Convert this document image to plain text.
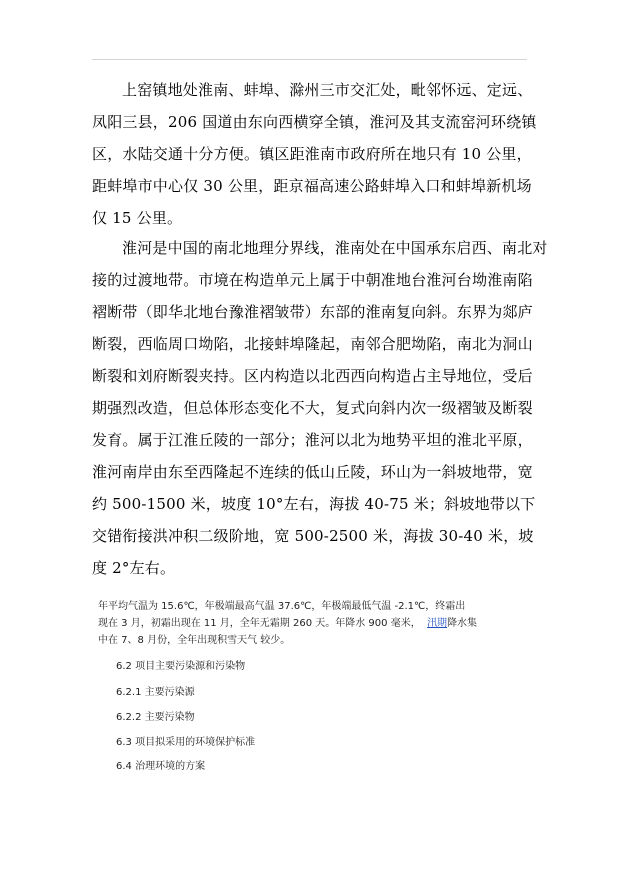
上窑镇地处淮南、蚌埠、滁州三市交汇处，毗邻怀远、定远、
凤阳三县，206 国道由东向西横穿全镇，淮河及其支流窑河环绕镇
区，水陆交通十分方便。镇区距淮南市政府所在地只有 10 公里，
距蚌埠市中心仅 30 公里，距京福高速公路蚌埠入口和蚌埠新机场
仅 15 公里。

淮河是中国的南北地理分界线，淮南处在中国承东启西、南北对
接的过渡地带。市境在构造单元上属于中朝准地台淮河台坳淮南陷
褶断带（即华北地台豫淮褶皱带）东部的淮南复向斜。东界为郯庐
断裂，西临周口坳陷，北接蚌埠隆起，南邻合肥坳陷，南北为洞山
断裂和刘府断裂夹持。区内构造以北西西向构造占主导地位，受后
期强烈改造，但总体形态变化不大，复式向斜内次一级褶皱及断裂
发育。属于江淮丘陵的一部分；淮河以北为地势平坦的淮北平原，
淮河南岸由东至西隆起不连续的低山丘陵，环山为一斜坡地带，宽
约 500-1500 米，坡度 10°左右，海拔 40-75 米；斜坡地带以下
交错衔接洪冲积二级阶地，宽 500-2500 米，海拔 30-40 米，坡
度 2°左右。

年平均气温为 15.6℃，年极端最高气温 37.6℃，年极端最低气温 -2.1℃，终霜出
现在 3 月，初霜出现在 11 月，全年无霜期 260 天。年降水 900 毫米， 汛期降水集
中在 7、8 月份，全年出现积雪天气 较少。
6.2 项目主要污染源和污染物
6.2.1 主要污染源
6.2.2 主要污染物
6.3 项目拟采用的环境保护标准
6.4 治理环境的方案
